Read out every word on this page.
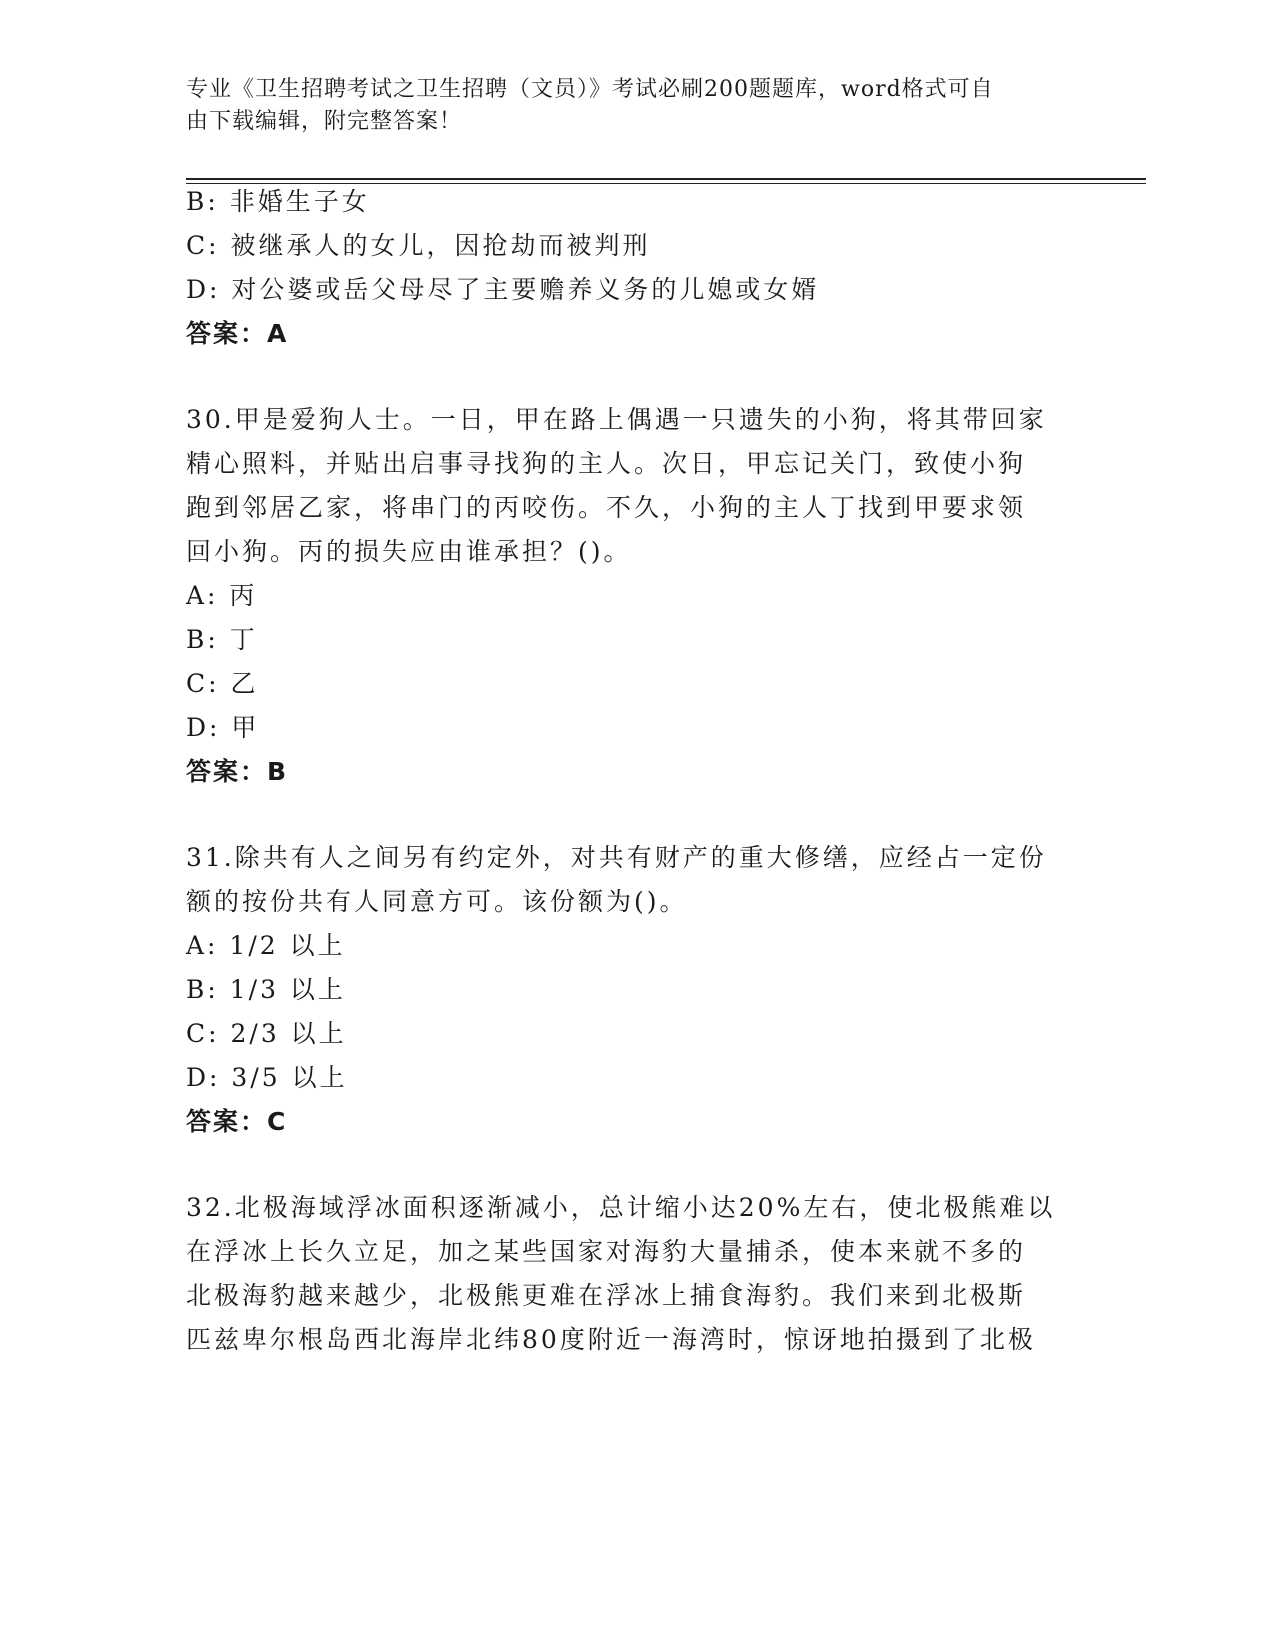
专业《卫生招聘考试之卫生招聘（文员）》考试必刷200题题库，word格式可自
由下载编辑，附完整答案！
B: 非婚生子女
C: 被继承人的女儿，因抢劫而被判刑
D: 对公婆或岳父母尽了主要赡养义务的儿媳或女婿
答案：A
30.甲是爱狗人士。一日，甲在路上偶遇一只遗失的小狗，将其带回家
精心照料，并贴出启事寻找狗的主人。次日，甲忘记关门，致使小狗
跑到邻居乙家，将串门的丙咬伤。不久，小狗的主人丁找到甲要求领
回小狗。丙的损失应由谁承担？()。
A: 丙
B: 丁
C: 乙
D: 甲
答案：B
31.除共有人之间另有约定外，对共有财产的重大修缮，应经占一定份
额的按份共有人同意方可。该份额为()。
A: 1/2 以上
B: 1/3 以上
C: 2/3 以上
D: 3/5 以上
答案：C
32.北极海域浮冰面积逐渐减小，总计缩小达20%左右，使北极熊难以
在浮冰上长久立足，加之某些国家对海豹大量捕杀，使本来就不多的
北极海豹越来越少，北极熊更难在浮冰上捕食海豹。我们来到北极斯
匹兹卑尔根岛西北海岸北纬80度附近一海湾时，惊讶地拍摄到了北极
